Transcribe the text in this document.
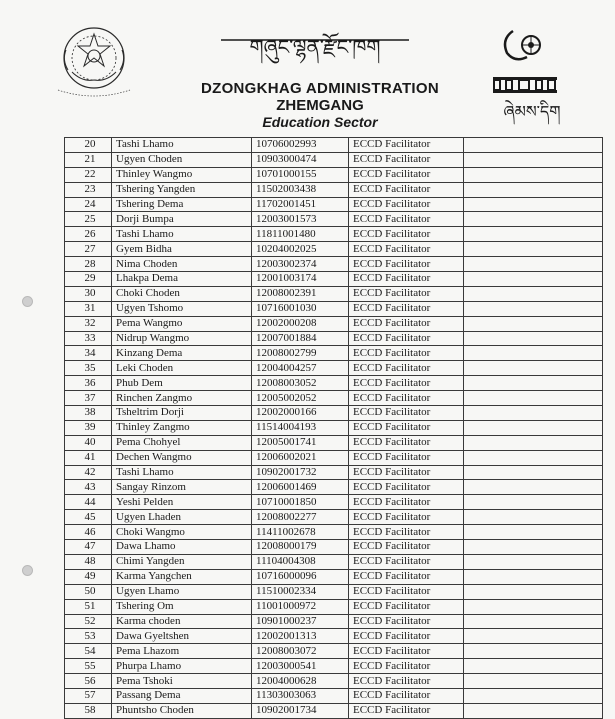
གཞུང་ལྷན་རྫོང་ཁག
ཞེམས་དིག
DZONGKHAG ADMINISTRATION
ZHEMGANG
Education Sector
20	Tashi Lhamo	10706002993	ECCD Facilitator	
21	Ugyen Choden	10903000474	ECCD Facilitator	
22	Thinley Wangmo	10701000155	ECCD Facilitator	
23	Tshering Yangden	11502003438	ECCD Facilitator	
24	Tshering Dema	11702001451	ECCD Facilitator	
25	Dorji Bumpa	12003001573	ECCD Facilitator	
26	Tashi Lhamo	11811001480	ECCD Facilitator	
27	Gyem Bidha	10204002025	ECCD Facilitator	
28	Nima Choden	12003002374	ECCD Facilitator	
29	Lhakpa Dema	12001003174	ECCD Facilitator	
30	Choki Choden	12008002391	ECCD Facilitator	
31	Ugyen Tshomo	10716001030	ECCD Facilitator	
32	Pema Wangmo	12002000208	ECCD Facilitator	
33	Nidrup Wangmo	12007001884	ECCD Facilitator	
34	Kinzang Dema	12008002799	ECCD Facilitator	
35	Leki Choden	12004004257	ECCD Facilitator	
36	Phub Dem	12008003052	ECCD Facilitator	
37	Rinchen Zangmo	12005002052	ECCD Facilitator	
38	Tsheltrim Dorji	12002000166	ECCD Facilitator	
39	Thinley Zangmo	11514004193	ECCD Facilitator	
40	Pema Chohyel	12005001741	ECCD Facilitator	
41	Dechen Wangmo	12006002021	ECCD Facilitator	
42	Tashi Lhamo	10902001732	ECCD Facilitator	
43	Sangay Rinzom	12006001469	ECCD Facilitator	
44	Yeshi Pelden	10710001850	ECCD Facilitator	
45	Ugyen Lhaden	12008002277	ECCD Facilitator	
46	Choki Wangmo	11411002678	ECCD Facilitator	
47	Dawa Lhamo	12008000179	ECCD Facilitator	
48	Chimi Yangden	11104004308	ECCD Facilitator	
49	Karma Yangchen	10716000096	ECCD Facilitator	
50	Ugyen Lhamo	11510002334	ECCD Facilitator	
51	Tshering Om	11001000972	ECCD Facilitator	
52	Karma choden	10901000237	ECCD Facilitator	
53	Dawa Gyeltshen	12002001313	ECCD Facilitator	
54	Pema Lhazom	12008003072	ECCD Facilitator	
55	Phurpa Lhamo	12003000541	ECCD Facilitator	
56	Pema Tshoki	12004000628	ECCD Facilitator	
57	Passang Dema	11303003063	ECCD Facilitator	
58	Phuntsho Choden	10902001734	ECCD Facilitator	
